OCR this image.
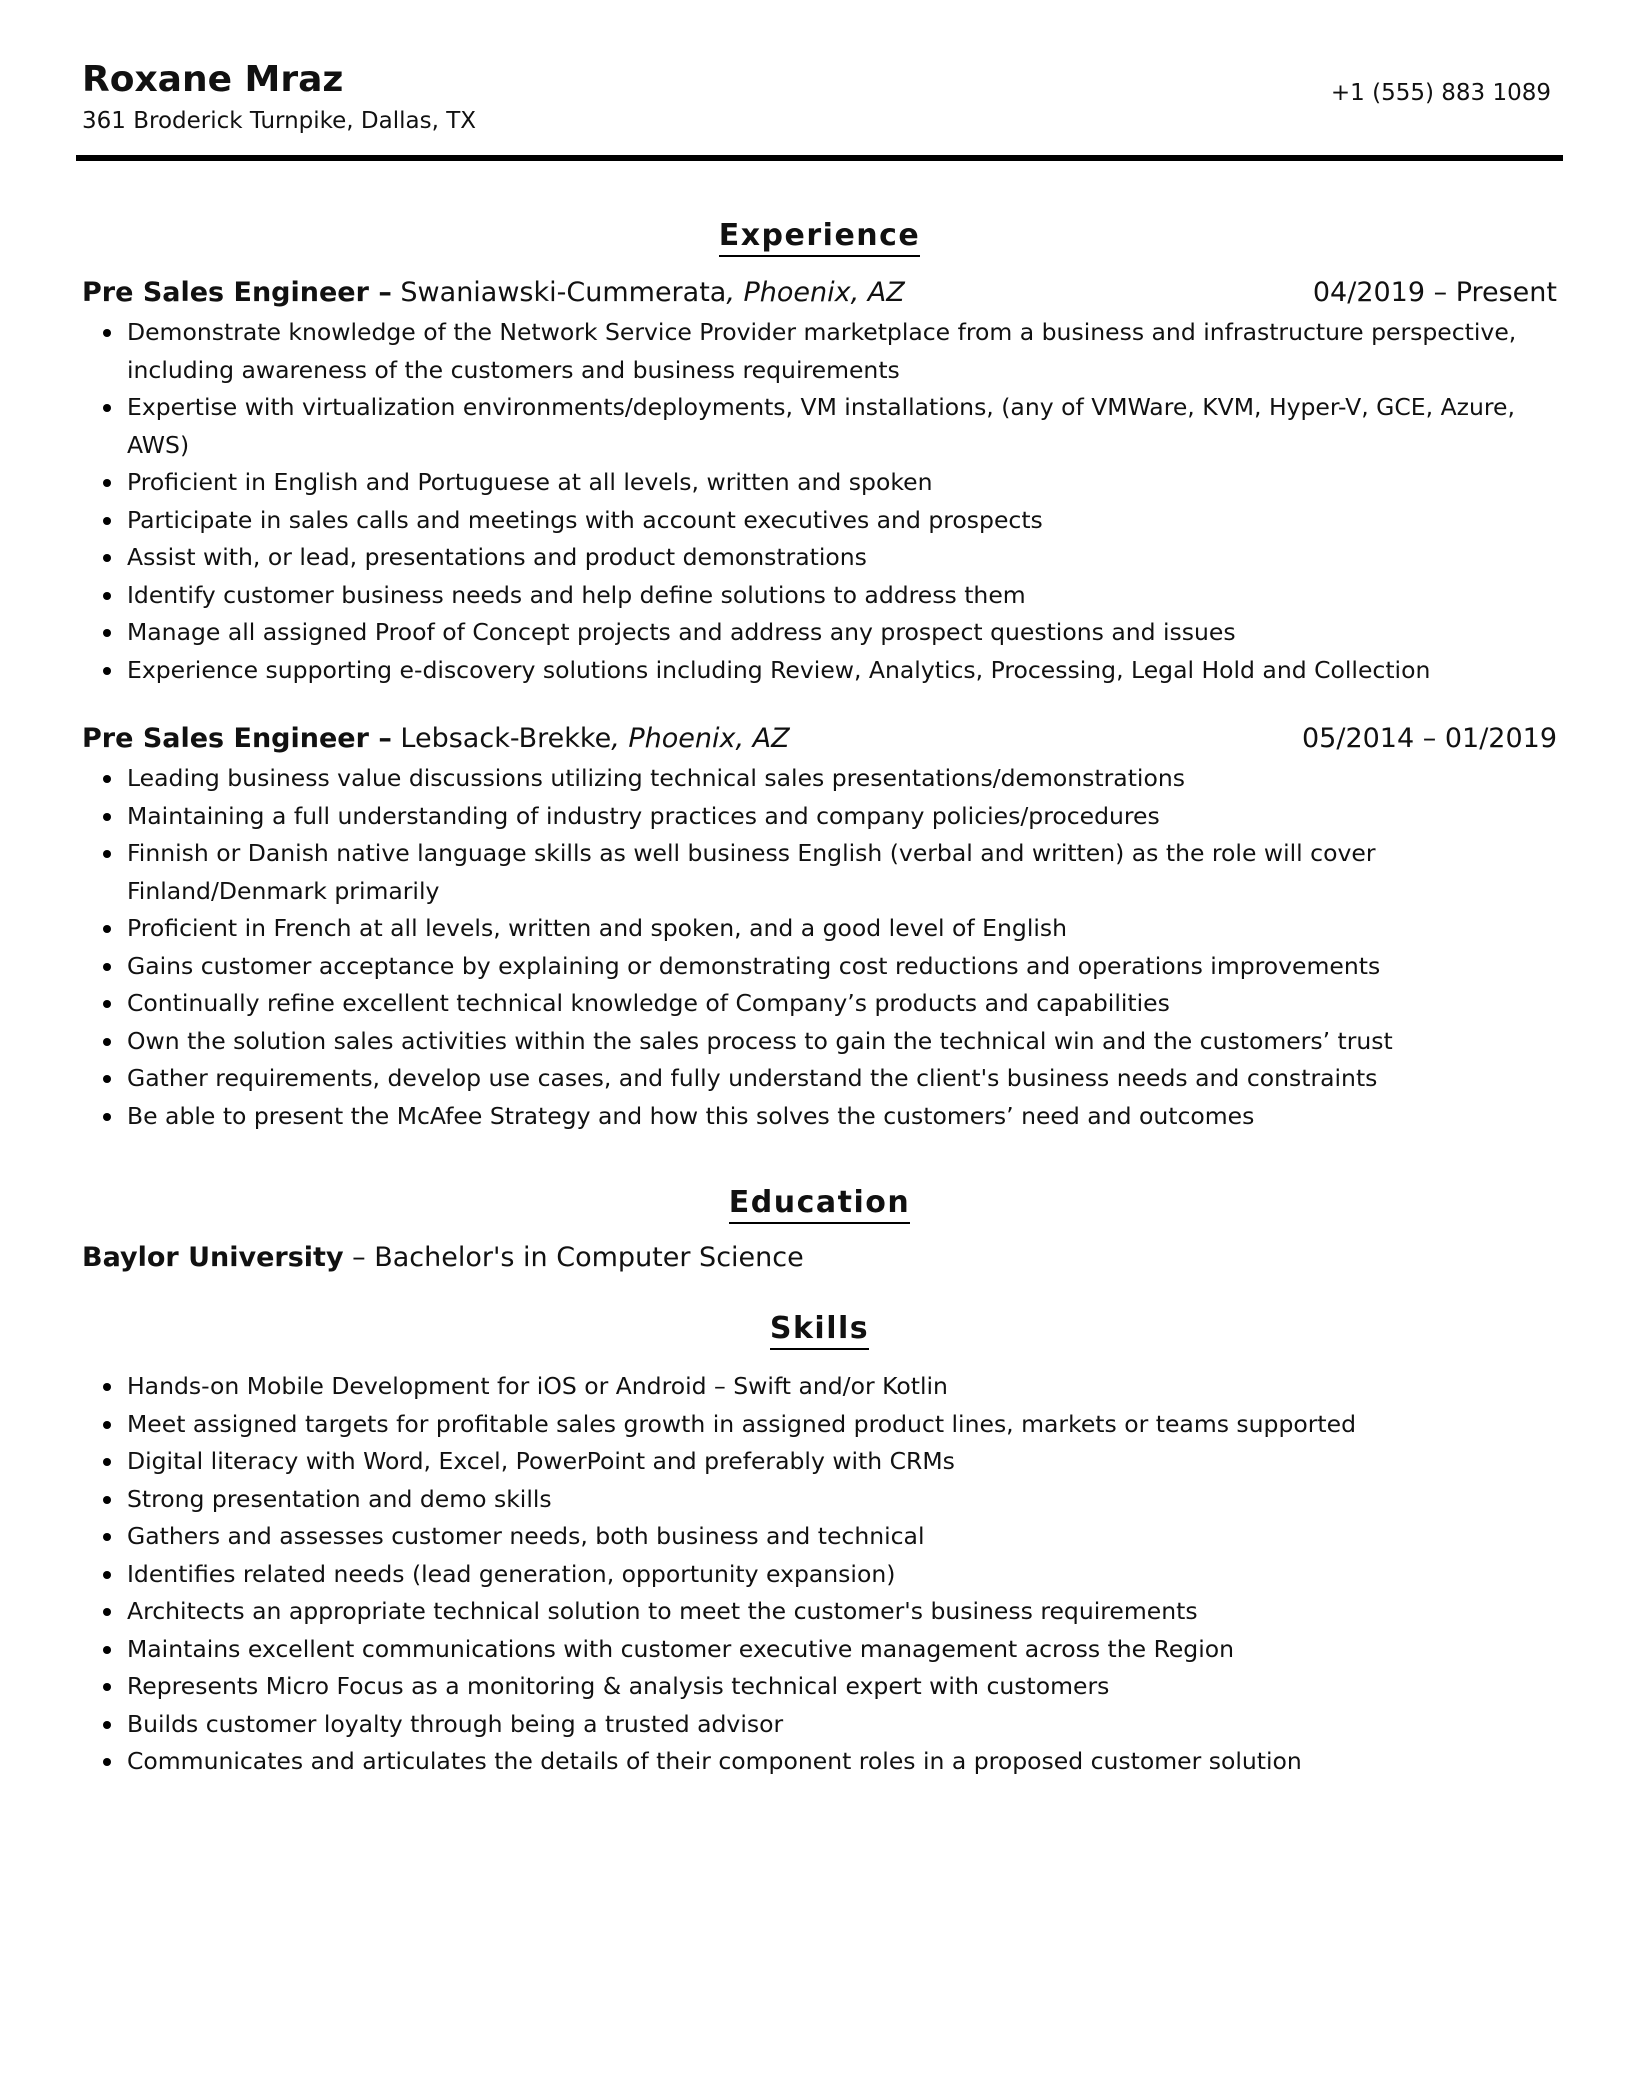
Roxane Mraz
361 Broderick Turnpike, Dallas, TX
+1 (555) 883 1089
Experience

Pre Sales Engineer – Swaniawski-Cummerata, Phoenix, AZ	04/2019 – Present

Demonstrate knowledge of the Network Service Provider marketplace from a business and infrastructure perspective, including awareness of the customers and business requirements
Expertise with virtualization environments/deployments, VM installations, (any of VMWare, KVM, Hyper-V, GCE, Azure, AWS)
Proficient in English and Portuguese at all levels, written and spoken
Participate in sales calls and meetings with account executives and prospects
Assist with, or lead, presentations and product demonstrations
Identify customer business needs and help define solutions to address them
Manage all assigned Proof of Concept projects and address any prospect questions and issues
Experience supporting e-discovery solutions including Review, Analytics, Processing, Legal Hold and Collection

Pre Sales Engineer – Lebsack-Brekke, Phoenix, AZ	05/2014 – 01/2019

Leading business value discussions utilizing technical sales presentations/demonstrations
Maintaining a full understanding of industry practices and company policies/procedures
Finnish or Danish native language skills as well business English (verbal and written) as the role will cover Finland/Denmark primarily
Proficient in French at all levels, written and spoken, and a good level of English
Gains customer acceptance by explaining or demonstrating cost reductions and operations improvements
Continually refine excellent technical knowledge of Company’s products and capabilities
Own the solution sales activities within the sales process to gain the technical win and the customers’ trust
Gather requirements, develop use cases, and fully understand the client's business needs and constraints
Be able to present the McAfee Strategy and how this solves the customers’ need and outcomes
Education

Baylor University – Bachelor's in Computer Science

Skills
Hands-on Mobile Development for iOS or Android – Swift and/or Kotlin
Meet assigned targets for profitable sales growth in assigned product lines, markets or teams supported
Digital literacy with Word, Excel, PowerPoint and preferably with CRMs
Strong presentation and demo skills
Gathers and assesses customer needs, both business and technical
Identifies related needs (lead generation, opportunity expansion)
Architects an appropriate technical solution to meet the customer's business requirements
Maintains excellent communications with customer executive management across the Region
Represents Micro Focus as a monitoring & analysis technical expert with customers
Builds customer loyalty through being a trusted advisor
Communicates and articulates the details of their component roles in a proposed customer solution
